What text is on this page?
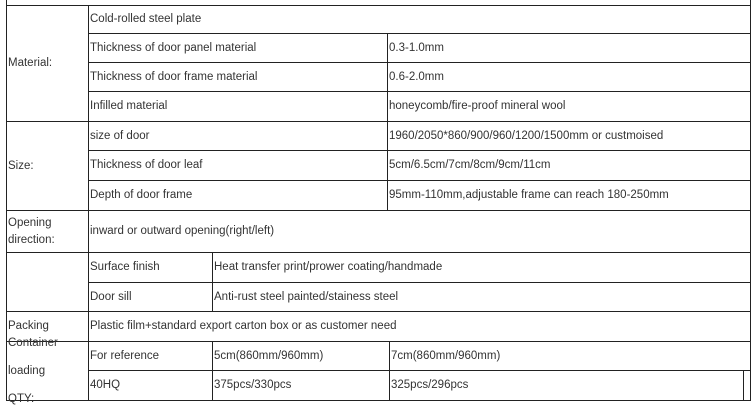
Material:
Cold-rolled steel plate
Thickness of door panel material	0.3-1.0mm
Thickness of door frame material	0.6-2.0mm
Infilled material	honeycomb/fire-proof mineral wool
Size:
size of door	1960/2050*860/900/960/1200/1500mm or custmoised
Thickness of door leaf	5cm/6.5cm/7cm/8cm/9cm/11cm
Depth of door frame	95mm-110mm,adjustable frame can reach 180-250mm
Opening direction:
inward or outward opening(right/left)
Surface finish	Heat transfer print/prower coating/handmade
Door sill	Anti-rust steel painted/stainess steel
Packing	Plastic film+standard export carton box or as customer need
Container loading QTY:
For reference	5cm(860mm/960mm)	7cm(860mm/960mm)
40HQ	375pcs/330pcs	325pcs/296pcs
